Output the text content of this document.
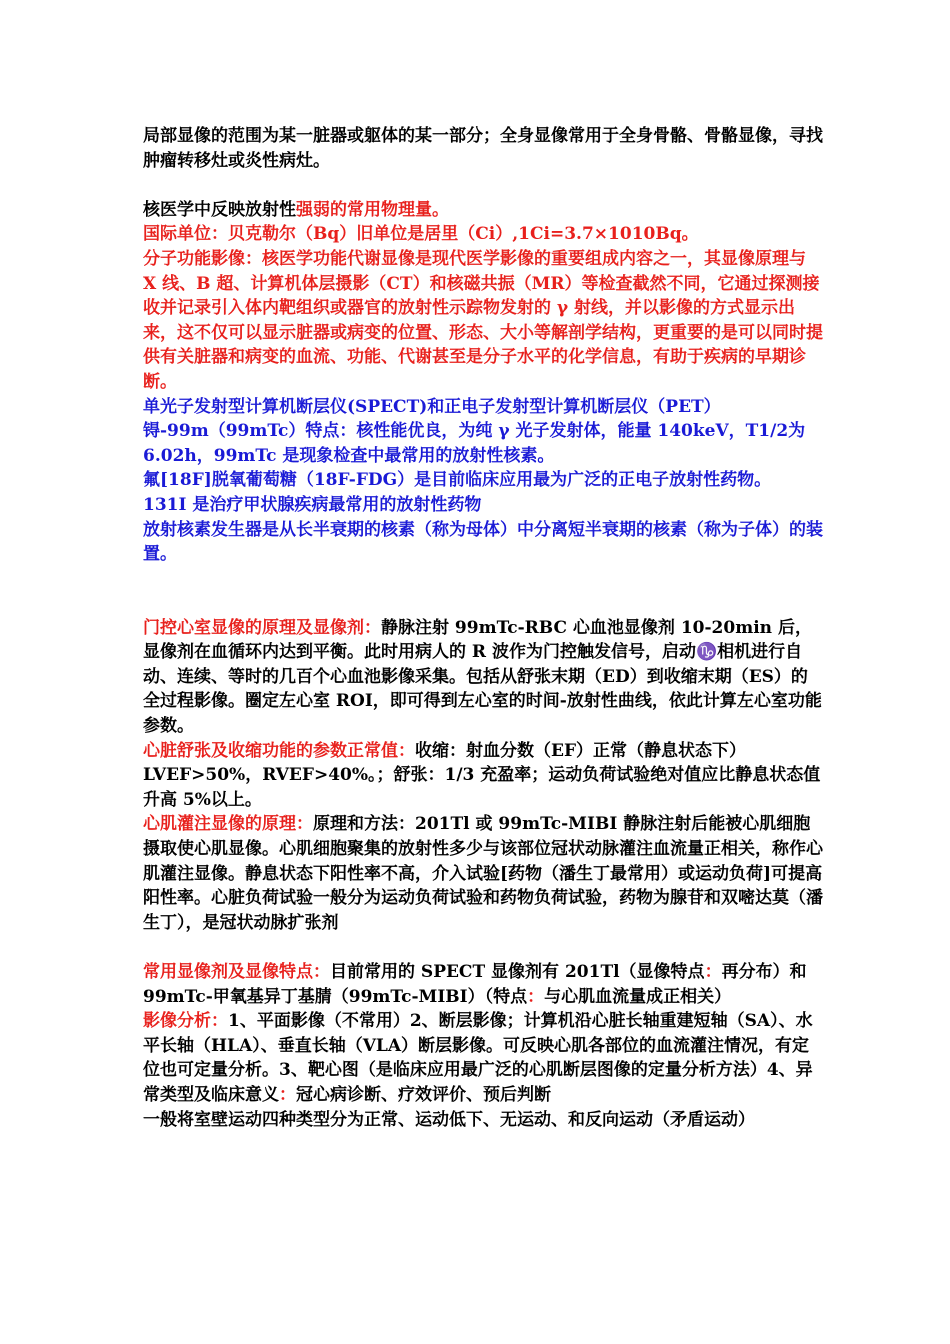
局部显像的范围为某一脏器或躯体的某一部分；全身显像常用于全身骨骼、骨骼显像，寻找肿瘤转移灶或炎性病灶。

核医学中反映放射性强弱的常用物理量。

国际单位：贝克勒尔（Bq）旧单位是居里（Ci）,1Ci=3.7×1010Bq。

分子功能影像：核医学功能代谢显像是现代医学影像的重要组成内容之一，其显像原理与 X 线、B 超、计算机体层摄影（CT）和核磁共振（MR）等检查截然不同，它通过探测接收并记录引入体内靶组织或器官的放射性示踪物发射的 γ 射线，并以影像的方式显示出来，这不仅可以显示脏器或病变的位置、形态、大小等解剖学结构，更重要的是可以同时提供有关脏器和病变的血流、功能、代谢甚至是分子水平的化学信息，有助于疾病的早期诊断。

单光子发射型计算机断层仪(SPECT)和正电子发射型计算机断层仪（PET）

锝-99m（99mTc）特点：核性能优良，为纯 γ 光子发射体，能量 140keV，T1/2为 6.02h，99mTc 是现象检查中最常用的放射性核素。

氟[18F]脱氧葡萄糖（18F-FDG）是目前临床应用最为广泛的正电子放射性药物。

131I 是治疗甲状腺疾病最常用的放射性药物

放射核素发生器是从长半衰期的核素（称为母体）中分离短半衰期的核素（称为子体）的装置。

门控心室显像的原理及显像剂：静脉注射 99mTc-RBC 心血池显像剂 10-20min 后，显像剂在血循环内达到平衡。此时用病人的 R 波作为门控触发信号，启动♑相机进行自动、连续、等时的几百个心血池影像采集。包括从舒张末期（ED）到收缩末期（ES）的全过程影像。圈定左心室 ROI，即可得到左心室的时间-放射性曲线，依此计算左心室功能参数。

心脏舒张及收缩功能的参数正常值：收缩：射血分数（EF）正常（静息状态下）LVEF>50%，RVEF>40%。；舒张：1/3 充盈率；运动负荷试验绝对值应比静息状态值升高 5%以上。

心肌灌注显像的原理：原理和方法：201Tl 或 99mTc-MIBI 静脉注射后能被心肌细胞摄取使心肌显像。心肌细胞聚集的放射性多少与该部位冠状动脉灌注血流量正相关，称作心肌灌注显像。静息状态下阳性率不高，介入试验[药物（潘生丁最常用）或运动负荷]可提高阳性率。心脏负荷试验一般分为运动负荷试验和药物负荷试验，药物为腺苷和双嘧达莫（潘生丁），是冠状动脉扩张剂

常用显像剂及显像特点：目前常用的 SPECT 显像剂有 201Tl（显像特点：再分布）和 99mTc-甲氧基异丁基腈（99mTc-MIBI）（特点：与心肌血流量成正相关）

影像分析：1、平面影像（不常用）2、断层影像；计算机沿心脏长轴重建短轴（SA）、水平长轴（HLA）、垂直长轴（VLA）断层影像。可反映心肌各部位的血流灌注情况，有定位也可定量分析。3、靶心图（是临床应用最广泛的心肌断层图像的定量分析方法）4、异常类型及临床意义：冠心病诊断、疗效评价、预后判断

一般将室壁运动四种类型分为正常、运动低下、无运动、和反向运动（矛盾运动）
